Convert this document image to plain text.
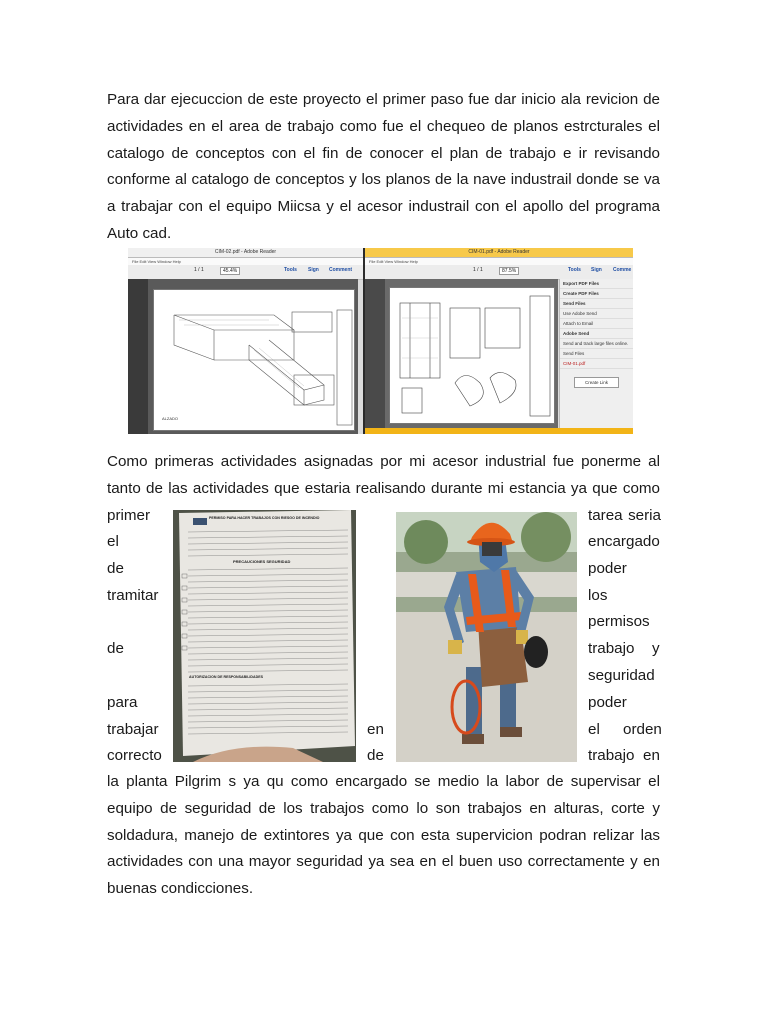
Para dar ejecuccion de este proyecto el primer paso fue dar inicio ala revicion de actividades en el area de trabajo como fue el chequeo de planos estrcturales el catalogo de conceptos con el fin de conocer el plan de trabajo e ir revisando conforme al catalogo de conceptos y los planos de la nave industrail donde se va a trabajar con el equipo Miicsa y el acesor industrail con el apollo del programa Auto cad.

CIM-02.pdf - Adobe Reader
File Edit View Window Help
1 / 1	45.4%	Tools Sign Comment
ALZADO
CIM-01.pdf - Adobe Reader
File Edit View Window Help
1 / 1	87.5%	Tools Sign Comme
Export PDF Files
Create PDF Files
Send Files
Use Adobe Send
Attach to Email
Adobe Send
Send and track large files online.
Send Files
CIM-01.pdf
Create Link
Como primeras actividades asignadas por mi acesor industrial fue ponerme al
tanto de las actividades que estaria realisando durante mi estancia ya que como
primer
el
de
tramitar
de
para
trabajar
correcto
en
de
tarea seria
encargado
poder
los
permisos
trabajo y
seguridad
poder
el orden
trabajo en
PERMISO PARA HACER TRABAJOS CON RIESGO DE INCENDIO
PRECAUCIONES SEGURIDAD
AUTORIZACION DE RESPONSABILIDADES

la planta Pilgrim s ya qu como encargado se medio la labor de supervisar el equipo de seguridad de los trabajos como lo son trabajos en alturas, corte y soldadura, manejo de extintores ya que con esta supervicion podran relizar las actividades con una mayor seguridad ya sea en el buen uso correctamente y en buenas condicciones.
